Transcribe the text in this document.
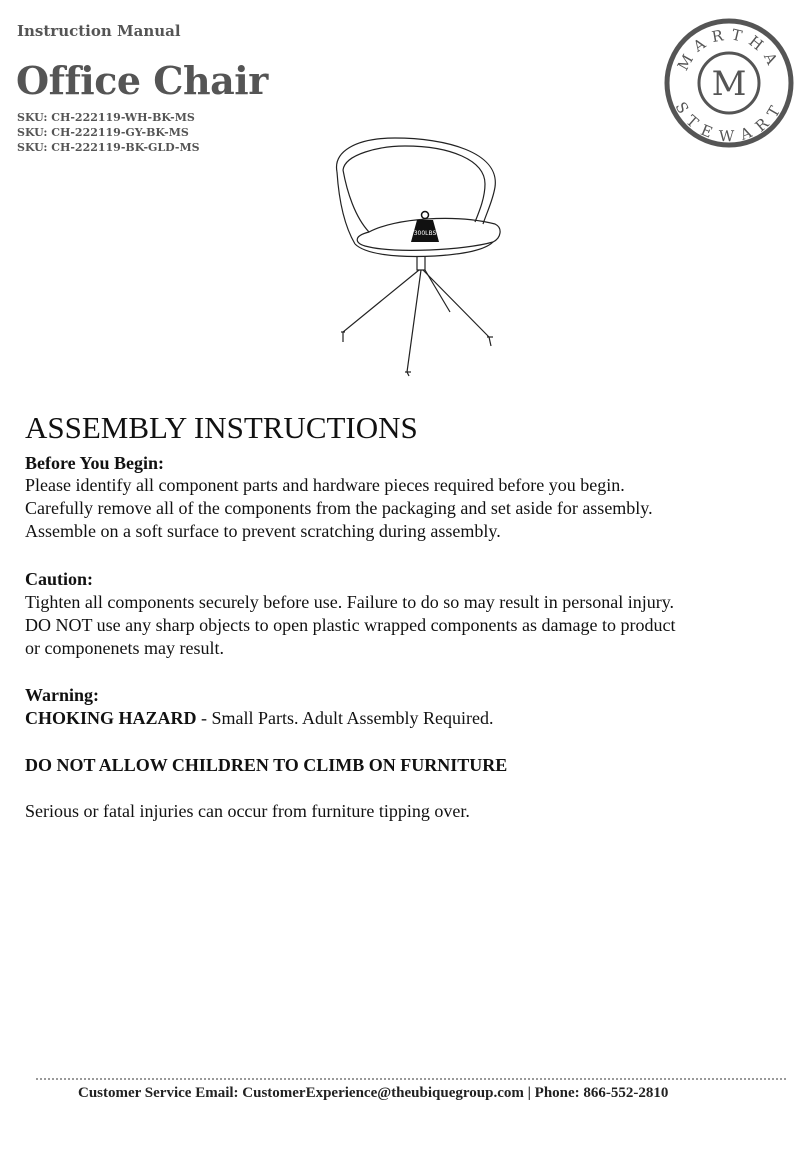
Instruction Manual
Office Chair
SKU: CH-222119-WH-BK-MS
SKU: CH-222119-GY-BK-MS
SKU: CH-222119-BK-GLD-MS
MARTHA
STEWART
M
300LBS
ASSEMBLY INSTRUCTIONS
Before You Begin:
Please identify all component parts and hardware pieces required before you begin.
Carefully remove all of the components from the packaging and set aside for assembly.
Assemble on a soft surface to prevent scratching during assembly.
Caution:
Tighten all components securely before use. Failure to do so may result in personal injury.
DO NOT use any sharp objects to open plastic wrapped components as damage to product
or componenets may result.
Warning:
CHOKING HAZARD - Small Parts. Adult Assembly Required.
DO NOT ALLOW CHILDREN TO CLIMB ON FURNITURE
Serious or fatal injuries can occur from furniture tipping over.
Customer Service Email: CustomerExperience@theubiquegroup.com | Phone: 866-552-2810
